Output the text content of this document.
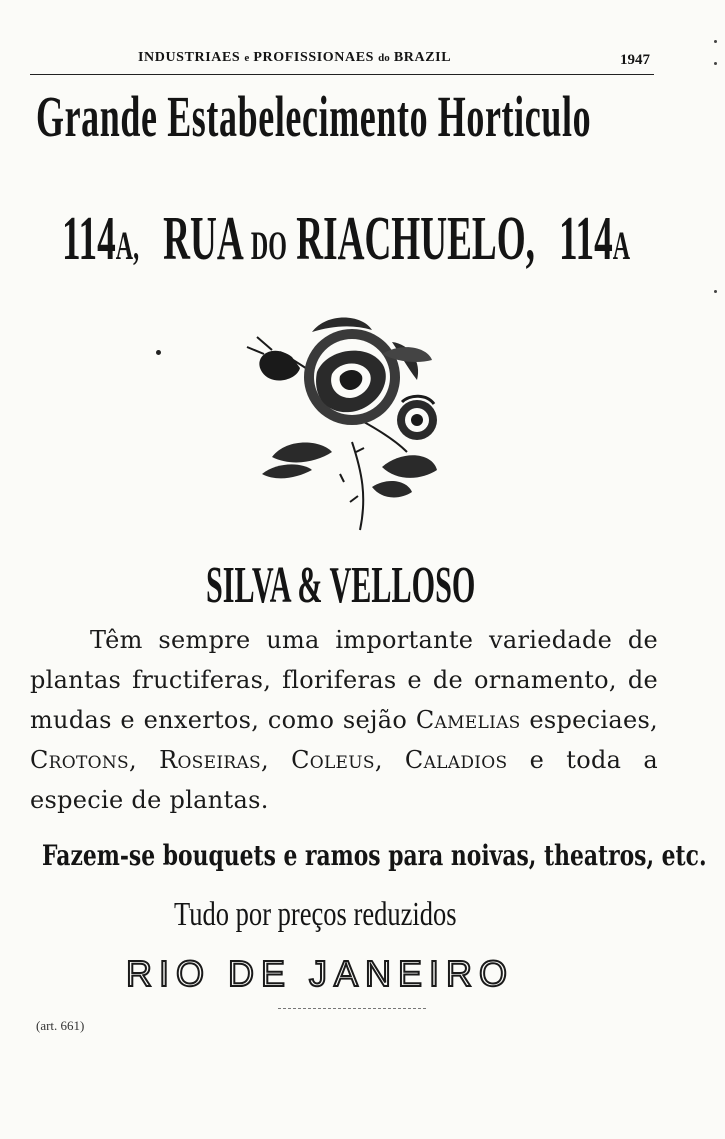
INDUSTRIAES e PROFISSIONAES do BRAZIL	1947
Grande Estabelecimento Horticulo
114A, RUA DO RIACHUELO, 114A
SILVA & VELLOSO
Têm sempre uma importante variedade de plantas fructiferas, floriferas e de ornamento, de mudas e enxertos, como sejão Camelias especiaes, Crotons, Roseiras, Coleus, Caladios e toda a especie de plantas.
Fazem-se bouquets e ramos para noivas, theatros, etc.
Tudo por preços reduzidos
RIO DE JANEIRO
(art. 661)
